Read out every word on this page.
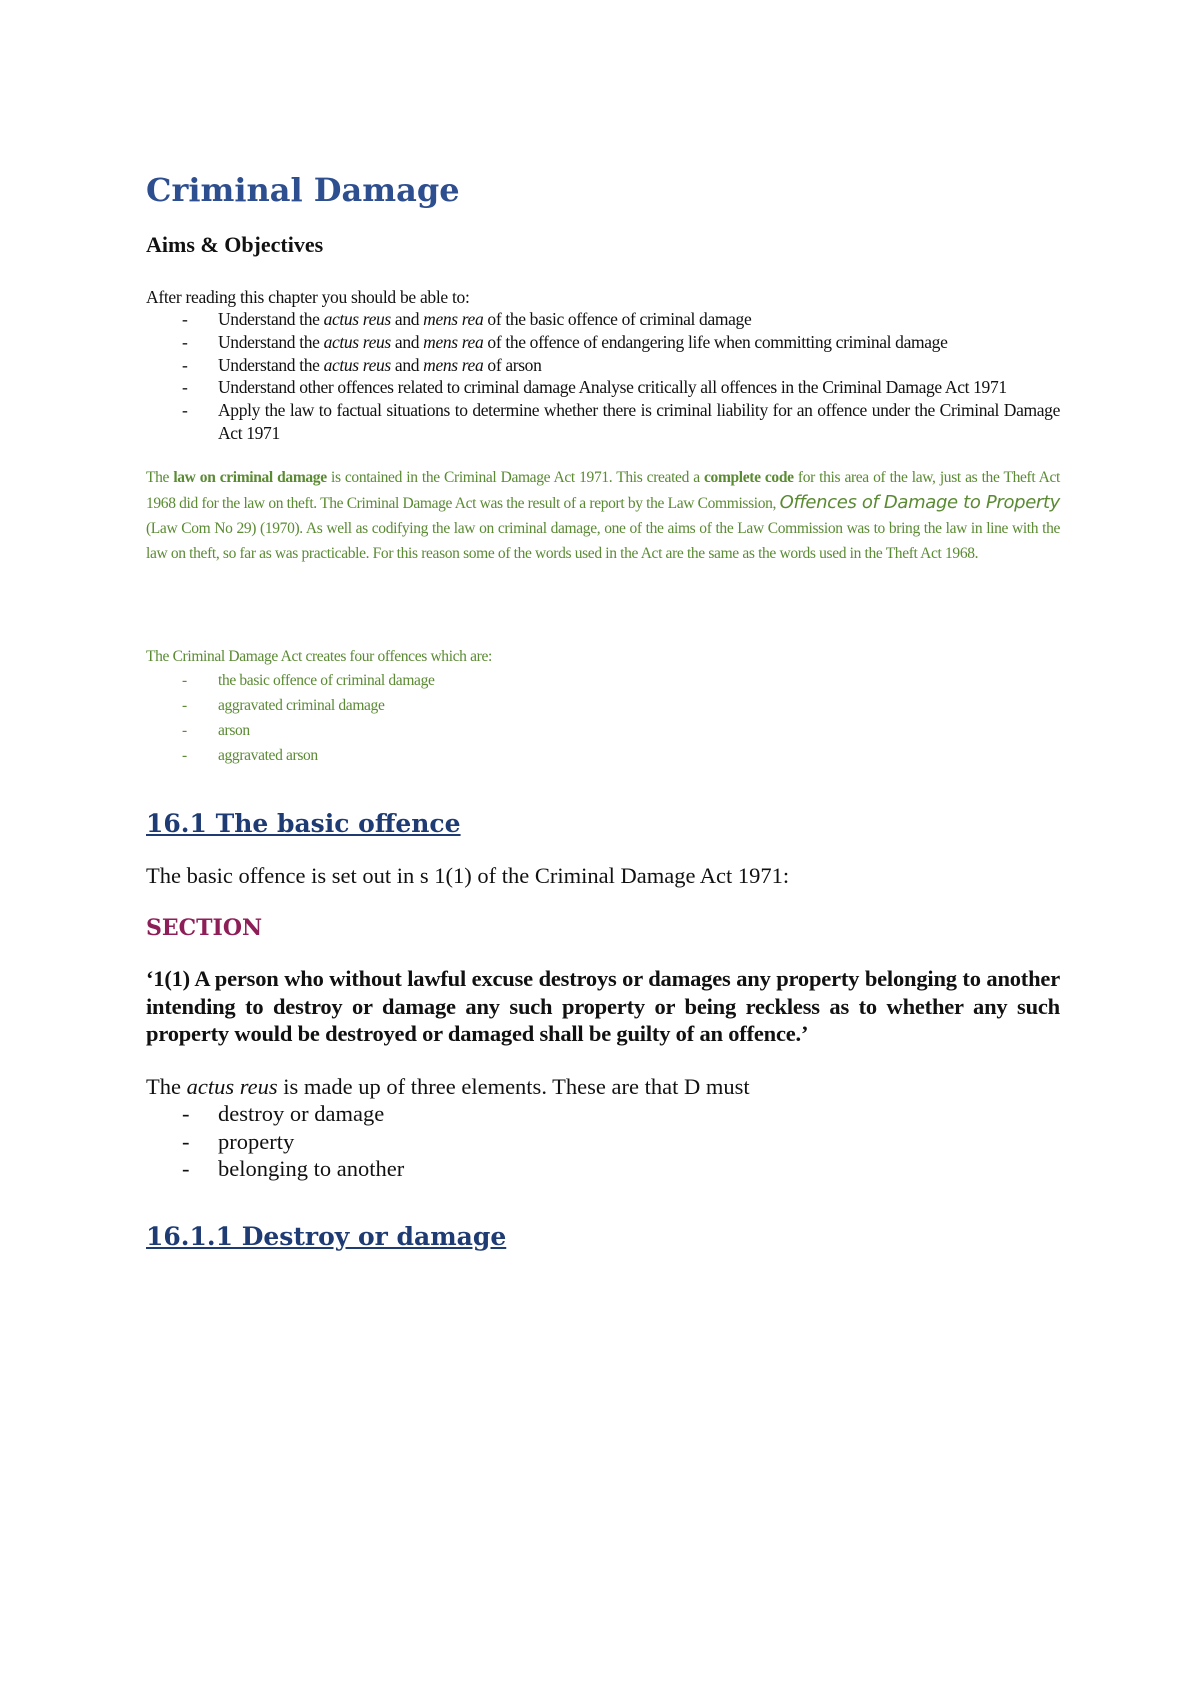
Criminal Damage
Aims & Objectives

After reading this chapter you should be able to:

- Understand the actus reus and mens rea of the basic offence of criminal damage
- Understand the actus reus and mens rea of the offence of endangering life when committing criminal damage
- Understand the actus reus and mens rea of arson
- Understand other offences related to criminal damage Analyse critically all offences in the Criminal Damage Act 1971
- Apply the law to factual situations to determine whether there is criminal liability for an offence under the Criminal Damage Act 1971

The law on criminal damage is contained in the Criminal Damage Act 1971. This created a complete code for this area of the law, just as the Theft Act 1968 did for the law on theft. The Criminal Damage Act was the result of a report by the Law Commission, Offences of Damage to Property (Law Com No 29) (1970). As well as codifying the law on criminal damage, one of the aims of the Law Commission was to bring the law in line with the law on theft, so far as was practicable. For this reason some of the words used in the Act are the same as the words used in the Theft Act 1968.

The Criminal Damage Act creates four offences which are:

- the basic offence of criminal damage
- aggravated criminal damage
- arson
- aggravated arson
16.1 The basic offence

The basic offence is set out in s 1(1) of the Criminal Damage Act 1971:

SECTION

‘1(1) A person who without lawful excuse destroys or damages any property belonging to another intending to destroy or damage any such property or being reckless as to whether any such property would be destroyed or damaged shall be guilty of an offence.’

The actus reus is made up of three elements. These are that D must

- destroy or damage
- property
- belonging to another
16.1.1 Destroy or damage
